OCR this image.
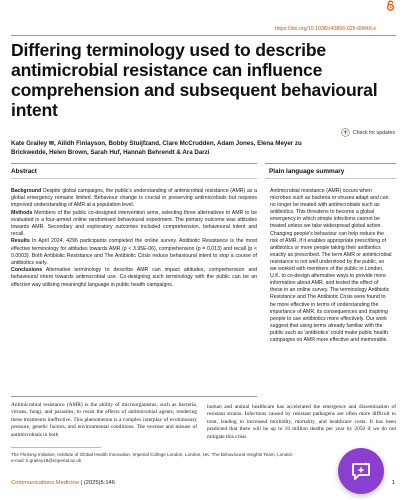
https://doi.org/10.1038/s43856-025-00849-z
Differing terminology used to describe antimicrobial resistance can influence comprehension and subsequent behavioural intent
Check for updates
Kate Grailey ✉, Ailidh Finlayson, Bobby Stuijfzand, Clare McCrudden, Adam Jones, Elena Meyer zu Brickwedde, Helen Brown, Sarah Huf, Hannah Behrendt & Ara Darzi
Abstract	Plain language summary

Background Despite global campaigns, the public's understanding of antimicrobial resistance (AMR) as a global emergency remains limited. Behaviour change is crucial in preserving antimicrobials but requires improved understanding of AMR at a population level.

Methods Members of the public co-designed intervention arms, selecting three alternatives to AMR to be evaluated in a four-armed online randomised behavioural experiment. The primary outcome was attitudes towards AMR. Secondary and exploratory outcomes included comprehension, behavioural intent and recall.

Results In April 2024, 4296 participants completed the online survey. Antibiotic Resistance is the most effective terminology for attitudes towards AMR (p < 3.95E-06), comprehension (p = 0.013) and recall (p < 0.0003). Both Antibiotic Resistance and The Antibiotic Crisis reduce behavioural intent to stop a course of antibiotics early.

Conclusions Alternative terminology to describe AMR can impact attitudes, comprehension and behavioural intent towards antimicrobial use. Co-designing such terminology with the public can be an effective way utilising meaningful language in public health campaigns.

Antimicrobial resistance (AMR) occurs when microbes such as bacteria or viruses adapt and can no longer be treated with antimicrobials such as antibiotics. This threatens to become a global emergency in which simple infections cannot be treated unless we take widespread global action. Changing people's behaviour can help reduce the risk of AMR, if it enables appropriate prescribing of antibiotics or more people taking their antibiotics exactly as prescribed. The term AMR or antimicrobial resistance is not well understood by the public, so we worked with members of the public in London, U.K. to co-design alternative ways to provide more information about AMR, and tested the effect of these in an online survey. The terminology Antibiotic Resistance and The Antibiotic Crisis were found to be more effective in terms of understanding the importance of AMR, its consequences and inspiring people to use antibiotics more effectively. Our work suggest that using terms already familiar with the public such as 'antibiotics' could make public health campaigns on AMR more effective and memorable.
Antimicrobial resistance (AMR) is the ability of microorganisms, such as bacteria, viruses, fungi, and parasites, to resist the effects of antimicrobial agents, rendering these treatments ineffective. This phenomenon is a complex interplay of evolutionary pressure, genetic factors, and environmental conditions. The overuse and misuse of antimicrobials in both
human and animal healthcare has accelerated the emergence and dissemination of resistant strains. Infections caused by resistant pathogens are often more difficult to treat, leading to increased morbidity, mortality, and healthcare costs. It has been predicted that there will be up to 10 million deaths per year by 2050 if we do not mitigate this crisis
The Fleming Initiative, Institute of Global Health Innovation, Imperial College London, London, UK. The Behavioural Insights Team, London
e-mail: k.grailey18@imperial.ac.uk
Communications Medicine | (2025)5:146	1
